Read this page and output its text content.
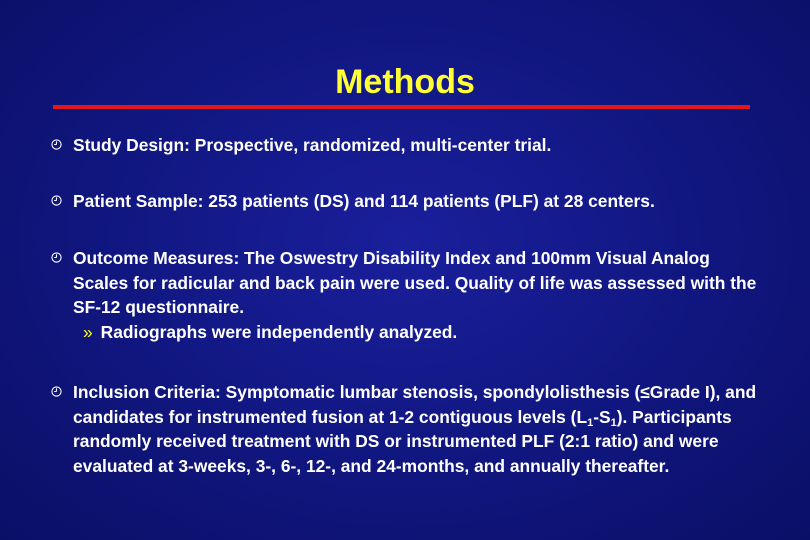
Methods
Study Design: Prospective, randomized, multi-center trial.
Patient Sample: 253 patients (DS) and 114 patients (PLF) at 28 centers.
Outcome Measures: The Oswestry Disability Index and 100mm Visual Analog Scales for radicular and back pain were used. Quality of life was assessed with the SF-12 questionnaire.
» Radiographs were independently analyzed.
Inclusion Criteria: Symptomatic lumbar stenosis, spondylolisthesis (≤Grade I), and candidates for instrumented fusion at 1-2 contiguous levels $(L_1-S_1)$. Participants randomly received treatment with DS or instrumented PLF (2:1 ratio) and were evaluated at 3-weeks, 3-, 6-, 12-, and 24-months, and annually thereafter.
